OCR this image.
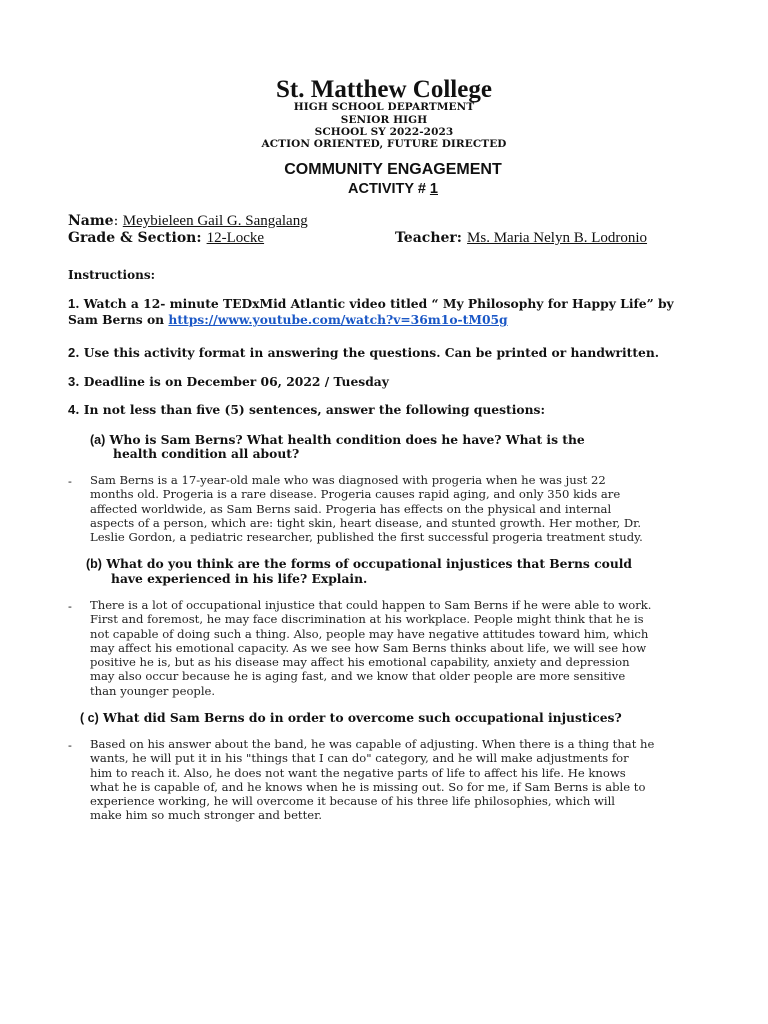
St. Matthew College
HIGH SCHOOL DEPARTMENT
SENIOR HIGH
SCHOOL SY 2022-2023
ACTION ORIENTED, FUTURE DIRECTED
COMMUNITY ENGAGEMENT
ACTIVITY # 1
Name: Meybieleen Gail G. Sangalang
Grade & Section: 12-Locke	Teacher: Ms. Maria Nelyn B. Lodronio
Instructions:
1. Watch a 12- minute TEDxMid Atlantic video titled “ My Philosophy for Happy Life” by
Sam Berns on https://www.youtube.com/watch?v=36m1o-tM05g
2. Use this activity format in answering the questions. Can be printed or handwritten.
3. Deadline is on December 06, 2022 / Tuesday
4. In not less than five (5) sentences, answer the following questions:
(a) Who is Sam Berns? What health condition does he have? What is the
health condition all about?
- Sam Berns is a 17-year-old male who was diagnosed with progeria when he was just 22
months old. Progeria is a rare disease. Progeria causes rapid aging, and only 350 kids are
affected worldwide, as Sam Berns said. Progeria has effects on the physical and internal
aspects of a person, which are: tight skin, heart disease, and stunted growth. Her mother, Dr.
Leslie Gordon, a pediatric researcher, published the first successful progeria treatment study.

(b) What do you think are the forms of occupational injustices that Berns could
have experienced in his life? Explain.
- There is a lot of occupational injustice that could happen to Sam Berns if he were able to work.
First and foremost, he may face discrimination at his workplace. People might think that he is
not capable of doing such a thing. Also, people may have negative attitudes toward him, which
may affect his emotional capacity. As we see how Sam Berns thinks about life, we will see how
positive he is, but as his disease may affect his emotional capability, anxiety and depression
may also occur because he is aging fast, and we know that older people are more sensitive
than younger people.

( c) What did Sam Berns do in order to overcome such occupational injustices?
- Based on his answer about the band, he was capable of adjusting. When there is a thing that he
wants, he will put it in his "things that I can do" category, and he will make adjustments for
him to reach it. Also, he does not want the negative parts of life to affect his life. He knows
what he is capable of, and he knows when he is missing out. So for me, if Sam Berns is able to
experience working, he will overcome it because of his three life philosophies, which will
make him so much stronger and better.
